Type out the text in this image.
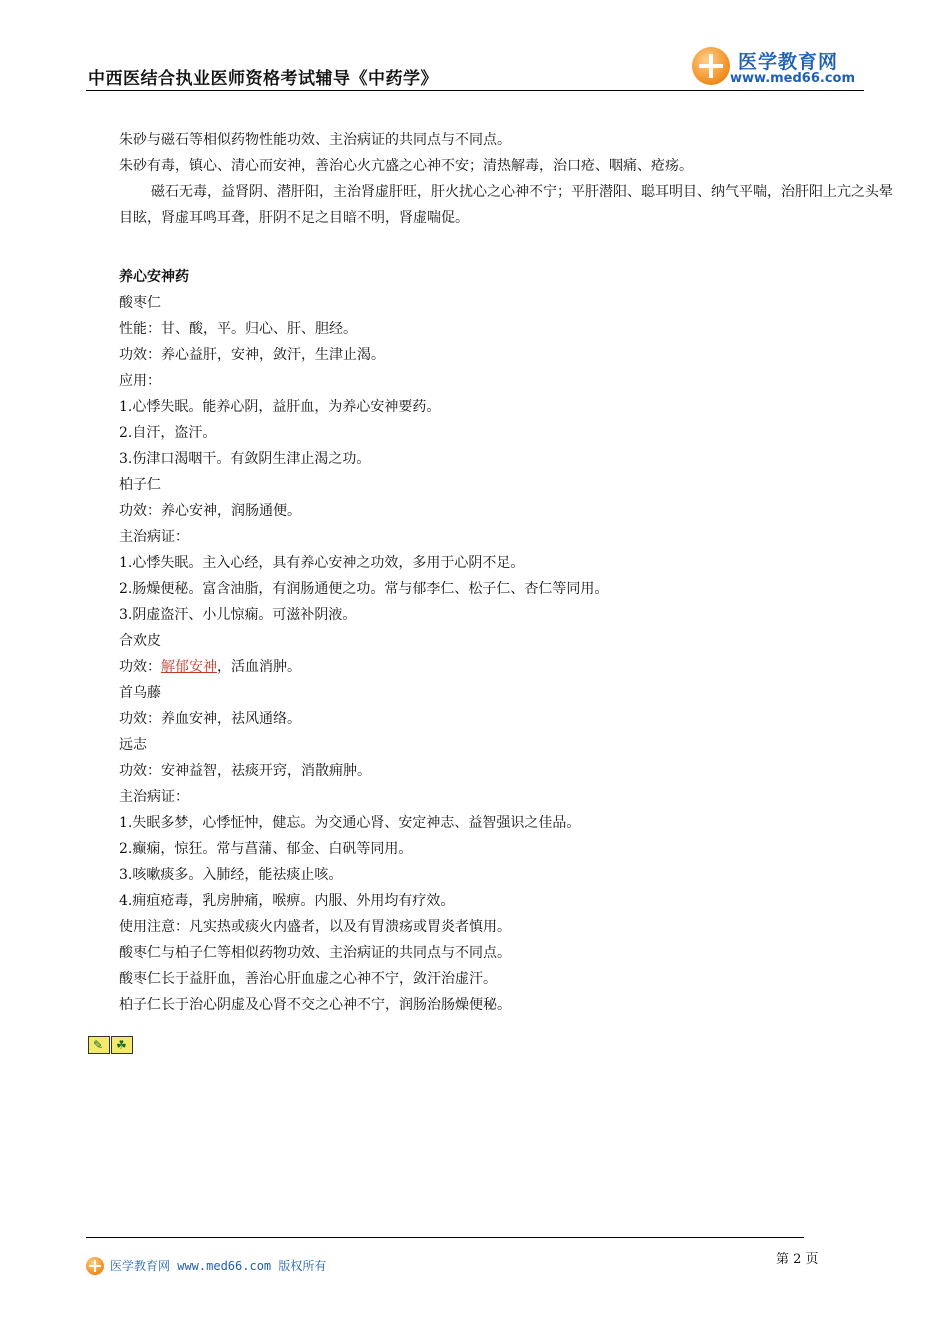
中西医结合执业医师资格考试辅导《中药学》
医学教育网
www.med66.com
朱砂与磁石等相似药物性能功效、主治病证的共同点与不同点。
朱砂有毒，镇心、清心而安神，善治心火亢盛之心神不安；清热解毒，治口疮、咽痛、疮疡。
磁石无毒，益肾阴、潜肝阳，主治肾虚肝旺，肝火扰心之心神不宁；平肝潜阳、聪耳明目、纳气平喘，治肝阳上亢之头晕目眩，肾虚耳鸣耳聋，肝阴不足之目暗不明，肾虚喘促。
养心安神药
酸枣仁
性能：甘、酸，平。归心、肝、胆经。
功效：养心益肝，安神，敛汗，生津止渴。
应用：
1.心悸失眠。能养心阴，益肝血，为养心安神要药。
2.自汗，盗汗。
3.伤津口渴咽干。有敛阴生津止渴之功。
柏子仁
功效：养心安神，润肠通便。
主治病证：
1.心悸失眠。主入心经，具有养心安神之功效，多用于心阴不足。
2.肠燥便秘。富含油脂，有润肠通便之功。常与郁李仁、松子仁、杏仁等同用。
3.阴虚盗汗、小儿惊痫。可滋补阴液。
合欢皮
功效：解郁安神，活血消肿。
首乌藤
功效：养血安神，祛风通络。
远志
功效：安神益智，祛痰开窍，消散痈肿。
主治病证：
1.失眠多梦，心悸怔忡，健忘。为交通心肾、安定神志、益智强识之佳品。
2.癫痫，惊狂。常与菖蒲、郁金、白矾等同用。
3.咳嗽痰多。入肺经，能祛痰止咳。
4.痈疽疮毒，乳房肿痛，喉痹。内服、外用均有疗效。
使用注意：凡实热或痰火内盛者，以及有胃溃疡或胃炎者慎用。
酸枣仁与柏子仁等相似药物功效、主治病证的共同点与不同点。
酸枣仁长于益肝血，善治心肝血虚之心神不宁，敛汗治虚汗。
柏子仁长于治心阴虚及心肾不交之心神不宁，润肠治肠燥便秘。
✎ ☘
医学教育网 www.med66.com 版权所有	第 2 页
